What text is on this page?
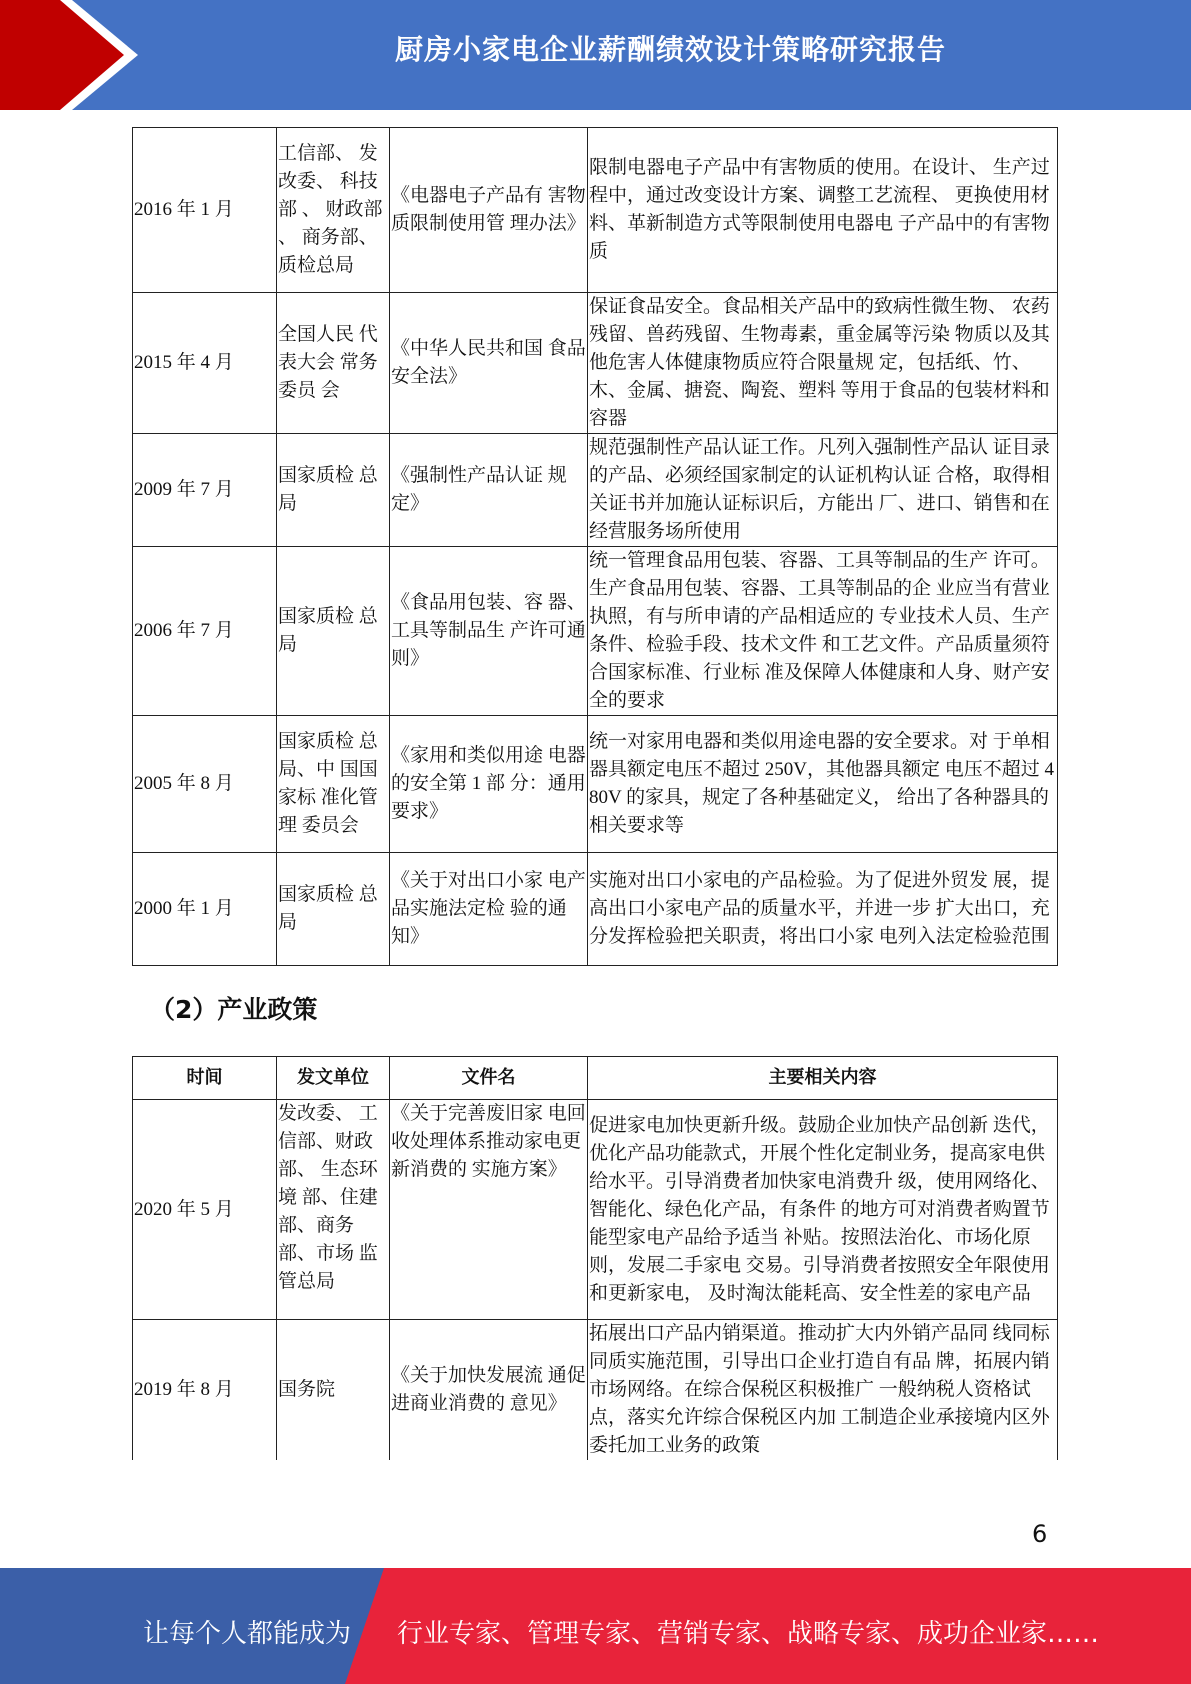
厨房小家电企业薪酬绩效设计策略研究报告
2016 年 1 月	工信部、 发改委、 科技部 、 财政部 、 商务部、 质检总局	《电器电子产品有 害物质限制使用管 理办法》	限制电器电子产品中有害物质的使用。在设计、 生产过程中，通过改变设计方案、调整工艺流程、 更换使用材料、革新制造方式等限制使用电器电 子产品中的有害物质
2015 年 4 月	全国人民 代表大会 常务委员 会	《中华人民共和国 食品安全法》	保证食品安全。食品相关产品中的致病性微生物、 农药残留、兽药残留、生物毒素，重金属等污染 物质以及其他危害人体健康物质应符合限量规 定，包括纸、竹、木、金属、搪瓷、陶瓷、塑料 等用于食品的包装材料和容器
2009 年 7 月	国家质检 总局	《强制性产品认证 规定》	规范强制性产品认证工作。凡列入强制性产品认 证目录的产品、必须经国家制定的认证机构认证 合格，取得相关证书并加施认证标识后，方能出 厂、进口、销售和在经营服务场所使用
2006 年 7 月	国家质检 总局	《食品用包装、容 器、工具等制品生 产许可通则》	统一管理食品用包装、容器、工具等制品的生产 许可。生产食品用包装、容器、工具等制品的企 业应当有营业执照，有与所申请的产品相适应的 专业技术人员、生产条件、检验手段、技术文件 和工艺文件。产品质量须符合国家标准、行业标 准及保障人体健康和人身、财产安全的要求
2005 年 8 月	国家质检 总局、中 国国家标 准化管理 委员会	《家用和类似用途 电器的安全第 1 部 分：通用要求》	统一对家用电器和类似用途电器的安全要求。对 于单相器具额定电压不超过 250V，其他器具额定 电压不超过 480V 的家具，规定了各种基础定义， 给出了各种器具的相关要求等
2000 年 1 月	国家质检 总局	《关于对出口小家 电产品实施法定检 验的通知》	实施对出口小家电的产品检验。为了促进外贸发 展，提高出口小家电产品的质量水平，并进一步 扩大出口，充分发挥检验把关职责，将出口小家 电列入法定检验范围
（2）产业政策
时间	发文单位	文件名	主要相关内容
2020 年 5 月	发改委、 工信部、财政部、 生态环境 部、住建部、商务部、市场 监管总局	《关于完善废旧家 电回收处理体系推动家电更新消费的 实施方案》	促进家电加快更新升级。鼓励企业加快产品创新 迭代，优化产品功能款式，开展个性化定制业务，提高家电供给水平。引导消费者加快家电消费升 级，使用网络化、智能化、绿色化产品，有条件 的地方可对消费者购置节能型家电产品给予适当 补贴。按照法治化、市场化原则，发展二手家电 交易。引导消费者按照安全年限使用和更新家电， 及时淘汰能耗高、安全性差的家电产品
2019 年 8 月	国务院	《关于加快发展流 通促进商业消费的 意见》	拓展出口产品内销渠道。推动扩大内外销产品同 线同标同质实施范围，引导出口企业打造自有品 牌，拓展内销市场网络。在综合保税区积极推广 一般纳税人资格试点，落实允许综合保税区内加 工制造企业承接境内区外委托加工业务的政策
6
让每个人都能成为 行业专家、管理专家、营销专家、战略专家、成功企业家……
